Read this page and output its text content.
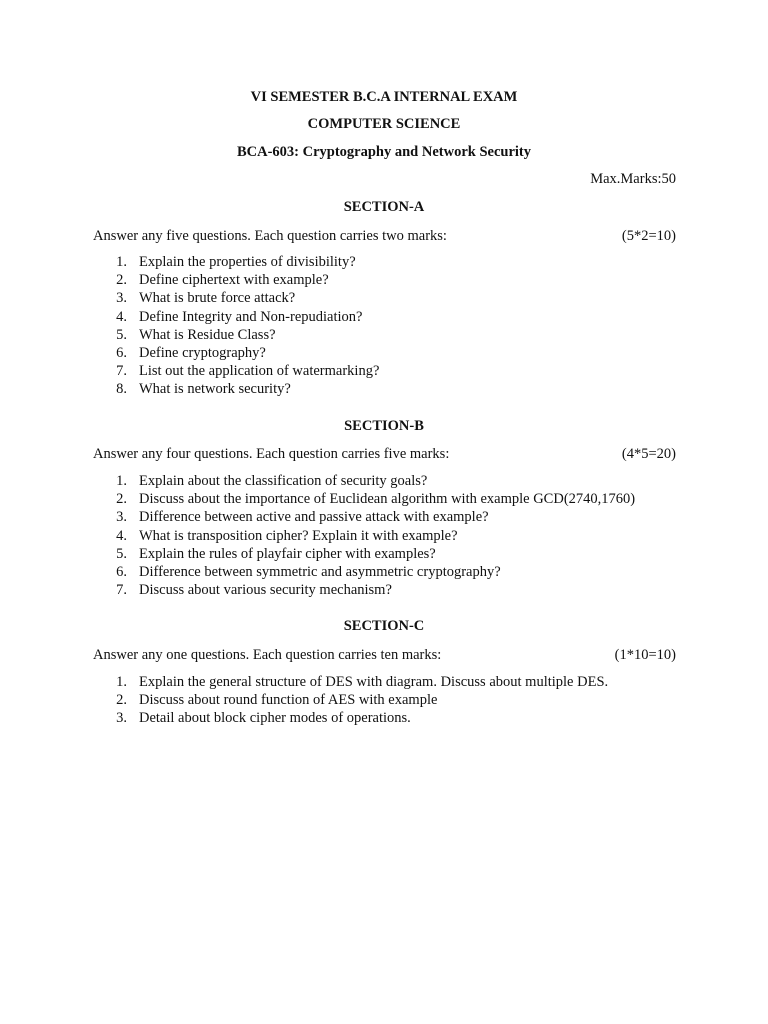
VI SEMESTER B.C.A INTERNAL EXAM
COMPUTER SCIENCE
BCA-603: Cryptography and Network Security
Max.Marks:50
SECTION-A
Answer any five questions. Each question carries two marks:	(5*2=10)
1. Explain the properties of divisibility?
2. Define ciphertext with example?
3. What is brute force attack?
4. Define Integrity and Non-repudiation?
5. What is Residue Class?
6. Define cryptography?
7. List out the application of watermarking?
8. What is network security?
SECTION-B
Answer any four questions. Each question carries five marks:	(4*5=20)
1. Explain about the classification of security goals?
2. Discuss about the importance of Euclidean algorithm with example GCD(2740,1760)
3. Difference between active and passive attack with example?
4. What is transposition cipher? Explain it with example?
5. Explain the rules of playfair cipher with examples?
6. Difference between symmetric and asymmetric cryptography?
7. Discuss about various security mechanism?
SECTION-C
Answer any one questions. Each question carries ten marks:	(1*10=10)
1. Explain the general structure of DES with diagram. Discuss about multiple DES.
2. Discuss about round function of AES with example
3. Detail about block cipher modes of operations.
